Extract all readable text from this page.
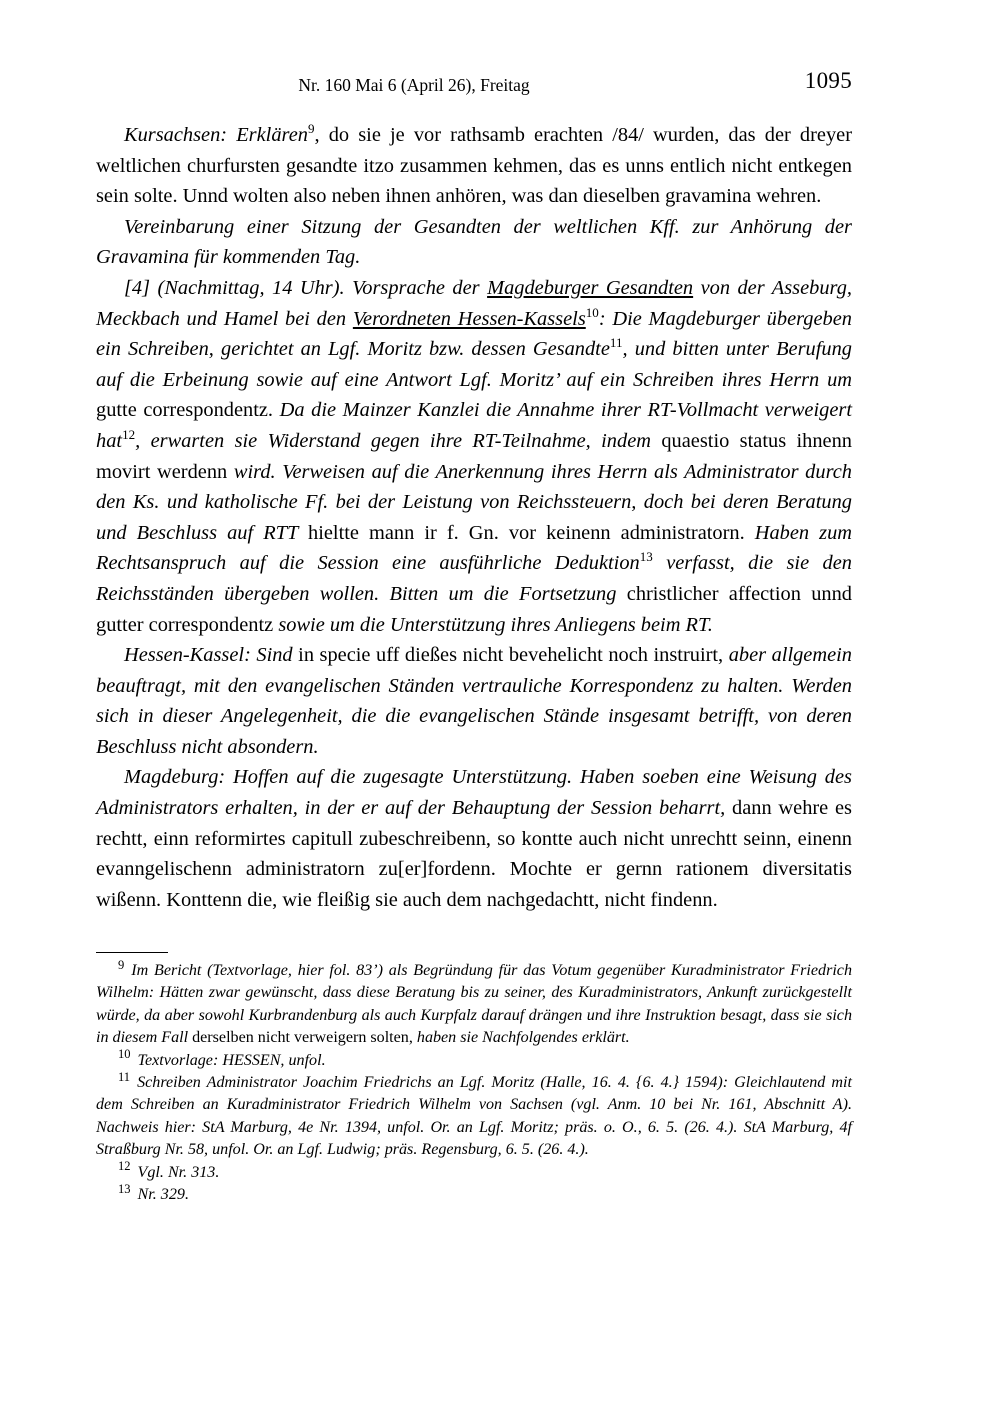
Nr. 160 Mai 6 (April 26), Freitag	1095

Kursachsen: Erklären$^9$, do sie je vor rathsamb erachten /84/ wurden, das der dreyer weltlichen churfursten gesandte itzo zusammen kehmen, das es unns entlich nicht entkegen sein solte. Unnd wolten also neben ihnen anhören, was dan dieselben gravamina wehren.

Vereinbarung einer Sitzung der Gesandten der weltlichen Kff. zur Anhörung der Gravamina für kommenden Tag.

[4] (Nachmittag, 14 Uhr). Vorsprache der Magdeburger Gesandten von der Asseburg, Meckbach und Hamel bei den Verordneten Hessen-Kassels$^{10}$: Die Magdeburger übergeben ein Schreiben, gerichtet an Lgf. Moritz bzw. dessen Gesandte$^{11}$, und bitten unter Berufung auf die Erbeinung sowie auf eine Antwort Lgf. Moritz’ auf ein Schreiben ihres Herrn um gutte correspondentz. Da die Mainzer Kanzlei die Annahme ihrer RT-Vollmacht verweigert hat$^{12}$, erwarten sie Widerstand gegen ihre RT-Teilnahme, indem quaestio status ihnenn movirt werdenn wird. Verweisen auf die Anerkennung ihres Herrn als Administrator durch den Ks. und katholische Ff. bei der Leistung von Reichssteuern, doch bei deren Beratung und Beschluss auf RTT hieltte mann ir f. Gn. vor keinenn administratorn. Haben zum Rechtsanspruch auf die Session eine ausführliche Deduktion$^{13}$ verfasst, die sie den Reichsständen übergeben wollen. Bitten um die Fortsetzung christlicher affection unnd gutter correspondentz sowie um die Unterstützung ihres Anliegens beim RT.

Hessen-Kassel: Sind in specie uff dießes nicht bevehelicht noch instruirt, aber allgemein beauftragt, mit den evangelischen Ständen vertrauliche Korrespondenz zu halten. Werden sich in dieser Angelegenheit, die die evangelischen Stände insgesamt betrifft, von deren Beschluss nicht absondern.

Magdeburg: Hoffen auf die zugesagte Unterstützung. Haben soeben eine Weisung des Administrators erhalten, in der er auf der Behauptung der Session beharrt, dann wehre es rechtt, einn reformirtes capitull zubeschreibenn, so kontte auch nicht unrechtt seinn, einenn evanngelischenn administratorn zu[er]fordenn. Mochte er gernn rationem diversitatis wißenn. Konttenn die, wie fleißig sie auch dem nachgedachtt, nicht findenn.

$^9$ Im Bericht (Textvorlage, hier fol. 83’) als Begründung für das Votum gegenüber Kuradministrator Friedrich Wilhelm: Hätten zwar gewünscht, dass diese Beratung bis zu seiner, des Kuradministrators, Ankunft zurückgestellt würde, da aber sowohl Kurbrandenburg als auch Kurpfalz darauf drängen und ihre Instruktion besagt, dass sie sich in diesem Fall derselben nicht verweigern solten, haben sie Nachfolgendes erklärt.

$^{10}$ Textvorlage: HESSEN, unfol.

$^{11}$ Schreiben Administrator Joachim Friedrichs an Lgf. Moritz (Halle, 16. 4. {6. 4.} 1594): Gleichlautend mit dem Schreiben an Kuradministrator Friedrich Wilhelm von Sachsen (vgl. Anm. 10 bei Nr. 161, Abschnitt A). Nachweis hier: StA Marburg, 4e Nr. 1394, unfol. Or. an Lgf. Moritz; präs. o. O., 6. 5. (26. 4.). StA Marburg, 4f Straßburg Nr. 58, unfol. Or. an Lgf. Ludwig; präs. Regensburg, 6. 5. (26. 4.).

$^{12}$ Vgl. Nr. 313.

$^{13}$ Nr. 329.
